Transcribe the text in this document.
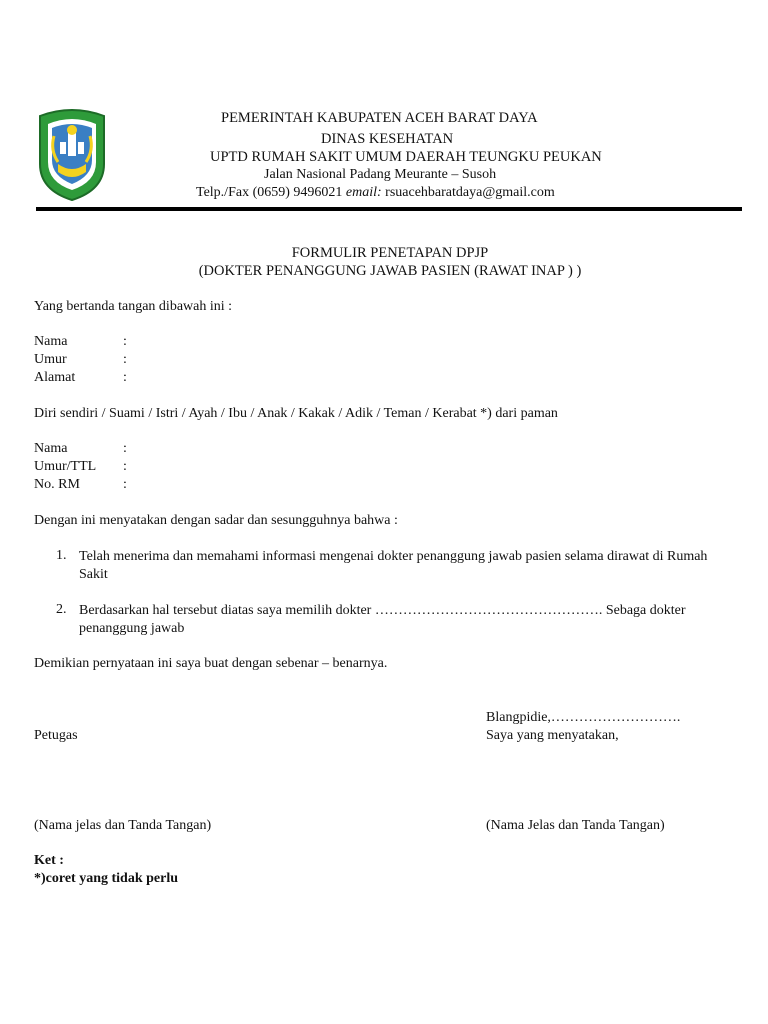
PEMERINTAH KABUPATEN ACEH BARAT DAYA
DINAS KESEHATAN
UPTD RUMAH SAKIT UMUM DAERAH TEUNGKU PEUKAN
Jalan Nasional Padang Meurante – Susoh
Telp./Fax (0659) 9496021 email: rsuacehbaratdaya@gmail.com
FORMULIR PENETAPAN DPJP
(DOKTER PENANGGUNG JAWAB PASIEN (RAWAT INAP ) )
Yang bertanda tangan dibawah ini :
Nama	:
Umur	:
Alamat	:
Diri sendiri / Suami / Istri / Ayah / Ibu / Anak / Kakak / Adik / Teman / Kerabat *) dari paman
Nama	:
Umur/TTL :
No. RM	:
Dengan ini menyatakan dengan sadar dan sesungguhnya bahwa :
1. Telah menerima dan memahami informasi mengenai dokter penanggung jawab pasien selama dirawat di Rumah Sakit
2. Berdasarkan hal tersebut diatas saya memilih dokter …………………………………………. Sebaga dokter penanggung jawab
Demikian pernyataan ini saya buat dengan sebenar – benarnya.
Blangpidie,……………………….
Petugas	Saya yang menyatakan,
(Nama jelas dan Tanda Tangan)	(Nama Jelas dan Tanda Tangan)
Ket :
*)coret yang tidak perlu
